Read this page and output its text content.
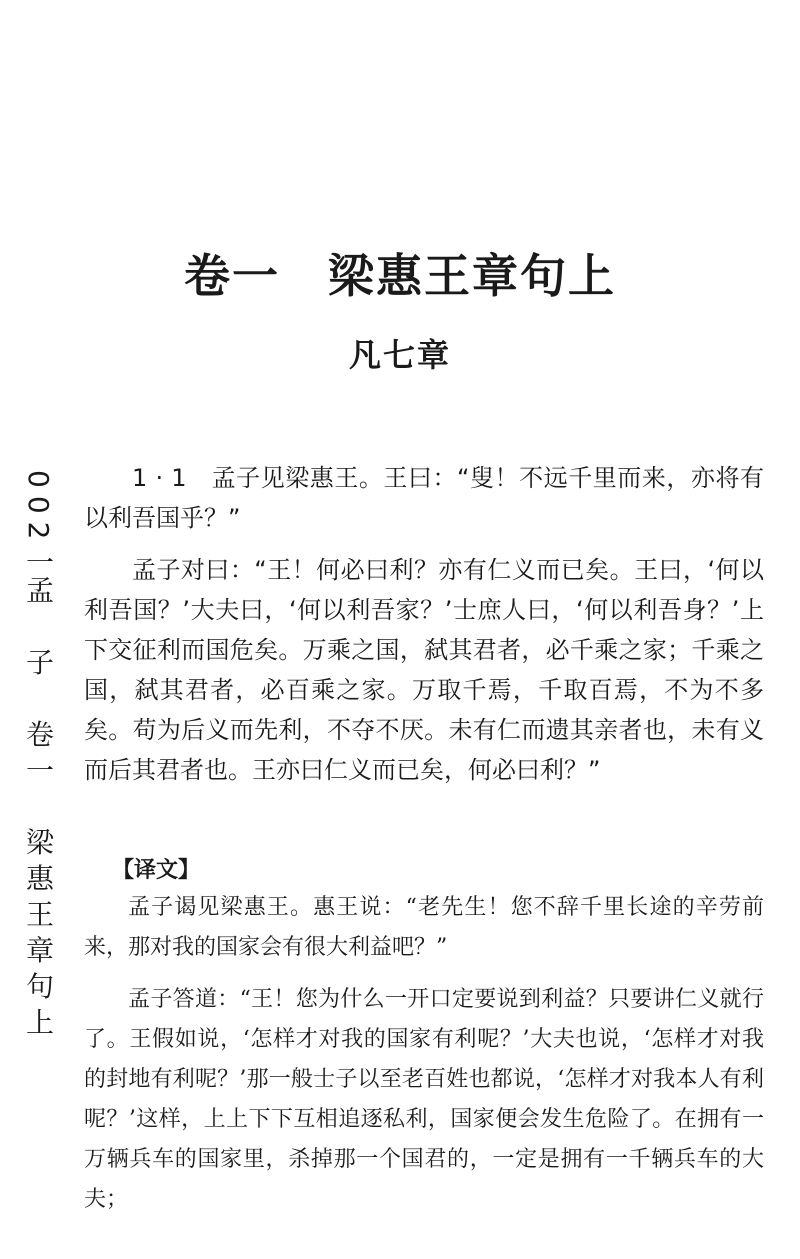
卷一 梁惠王章句上
凡七章
002一孟　子　卷一　梁惠王章句上

1 · 1　孟子见梁惠王。王曰：“叟！不远千里而来，亦将有以利吾国乎？”

孟子对曰：“王！何必曰利？亦有仁义而已矣。王曰，‘何以利吾国？’大夫曰，‘何以利吾家？’士庶人曰，‘何以利吾身？’上下交征利而国危矣。万乘之国，弑其君者，必千乘之家；千乘之国，弑其君者，必百乘之家。万取千焉，千取百焉，不为不多矣。苟为后义而先利，不夺不厌。未有仁而遗其亲者也，未有义而后其君者也。王亦曰仁义而已矣，何必曰利？”

【译文】

孟子谒见梁惠王。惠王说：“老先生！您不辞千里长途的辛劳前来，那对我的国家会有很大利益吧？”

孟子答道：“王！您为什么一开口定要说到利益？只要讲仁义就行了。王假如说，‘怎样才对我的国家有利呢？’大夫也说，‘怎样才对我的封地有利呢？’那一般士子以至老百姓也都说，‘怎样才对我本人有利呢？’这样，上上下下互相追逐私利，国家便会发生危险了。在拥有一万辆兵车的国家里，杀掉那一个国君的，一定是拥有一千辆兵车的大夫；
